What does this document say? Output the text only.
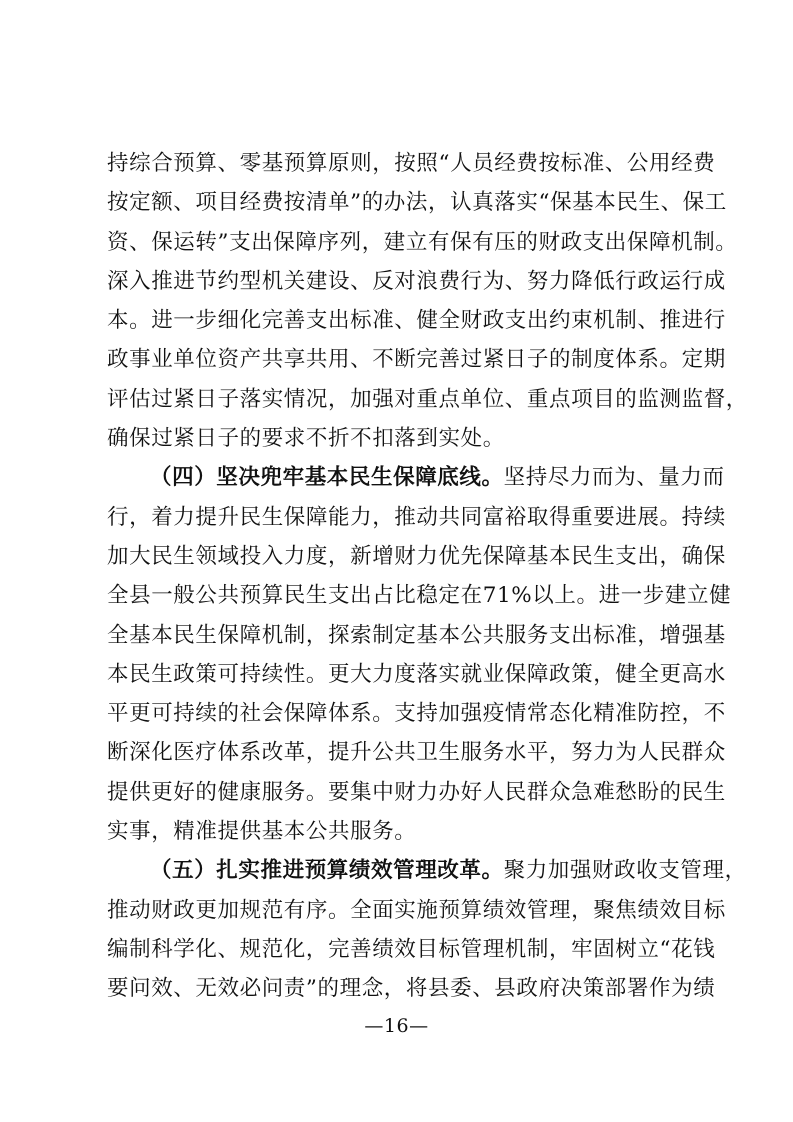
持综合预算、零基预算原则，按照“人员经费按标准、公用经费
按定额、项目经费按清单”的办法，认真落实“保基本民生、保工
资、保运转”支出保障序列，建立有保有压的财政支出保障机制。
深入推进节约型机关建设、反对浪费行为、努力降低行政运行成
本。进一步细化完善支出标准、健全财政支出约束机制、推进行
政事业单位资产共享共用、不断完善过紧日子的制度体系。定期
评估过紧日子落实情况，加强对重点单位、重点项目的监测监督，
确保过紧日子的要求不折不扣落到实处。
（四）坚决兜牢基本民生保障底线。坚持尽力而为、量力而
行，着力提升民生保障能力，推动共同富裕取得重要进展。持续
加大民生领域投入力度，新增财力优先保障基本民生支出，确保
全县一般公共预算民生支出占比稳定在71%以上。进一步建立健
全基本民生保障机制，探索制定基本公共服务支出标准，增强基
本民生政策可持续性。更大力度落实就业保障政策，健全更高水
平更可持续的社会保障体系。支持加强疫情常态化精准防控，不
断深化医疗体系改革，提升公共卫生服务水平，努力为人民群众
提供更好的健康服务。要集中财力办好人民群众急难愁盼的民生
实事，精准提供基本公共服务。
（五）扎实推进预算绩效管理改革。聚力加强财政收支管理，
推动财政更加规范有序。全面实施预算绩效管理，聚焦绩效目标
编制科学化、规范化，完善绩效目标管理机制，牢固树立“花钱
要问效、无效必问责”的理念，将县委、县政府决策部署作为绩
—16—
